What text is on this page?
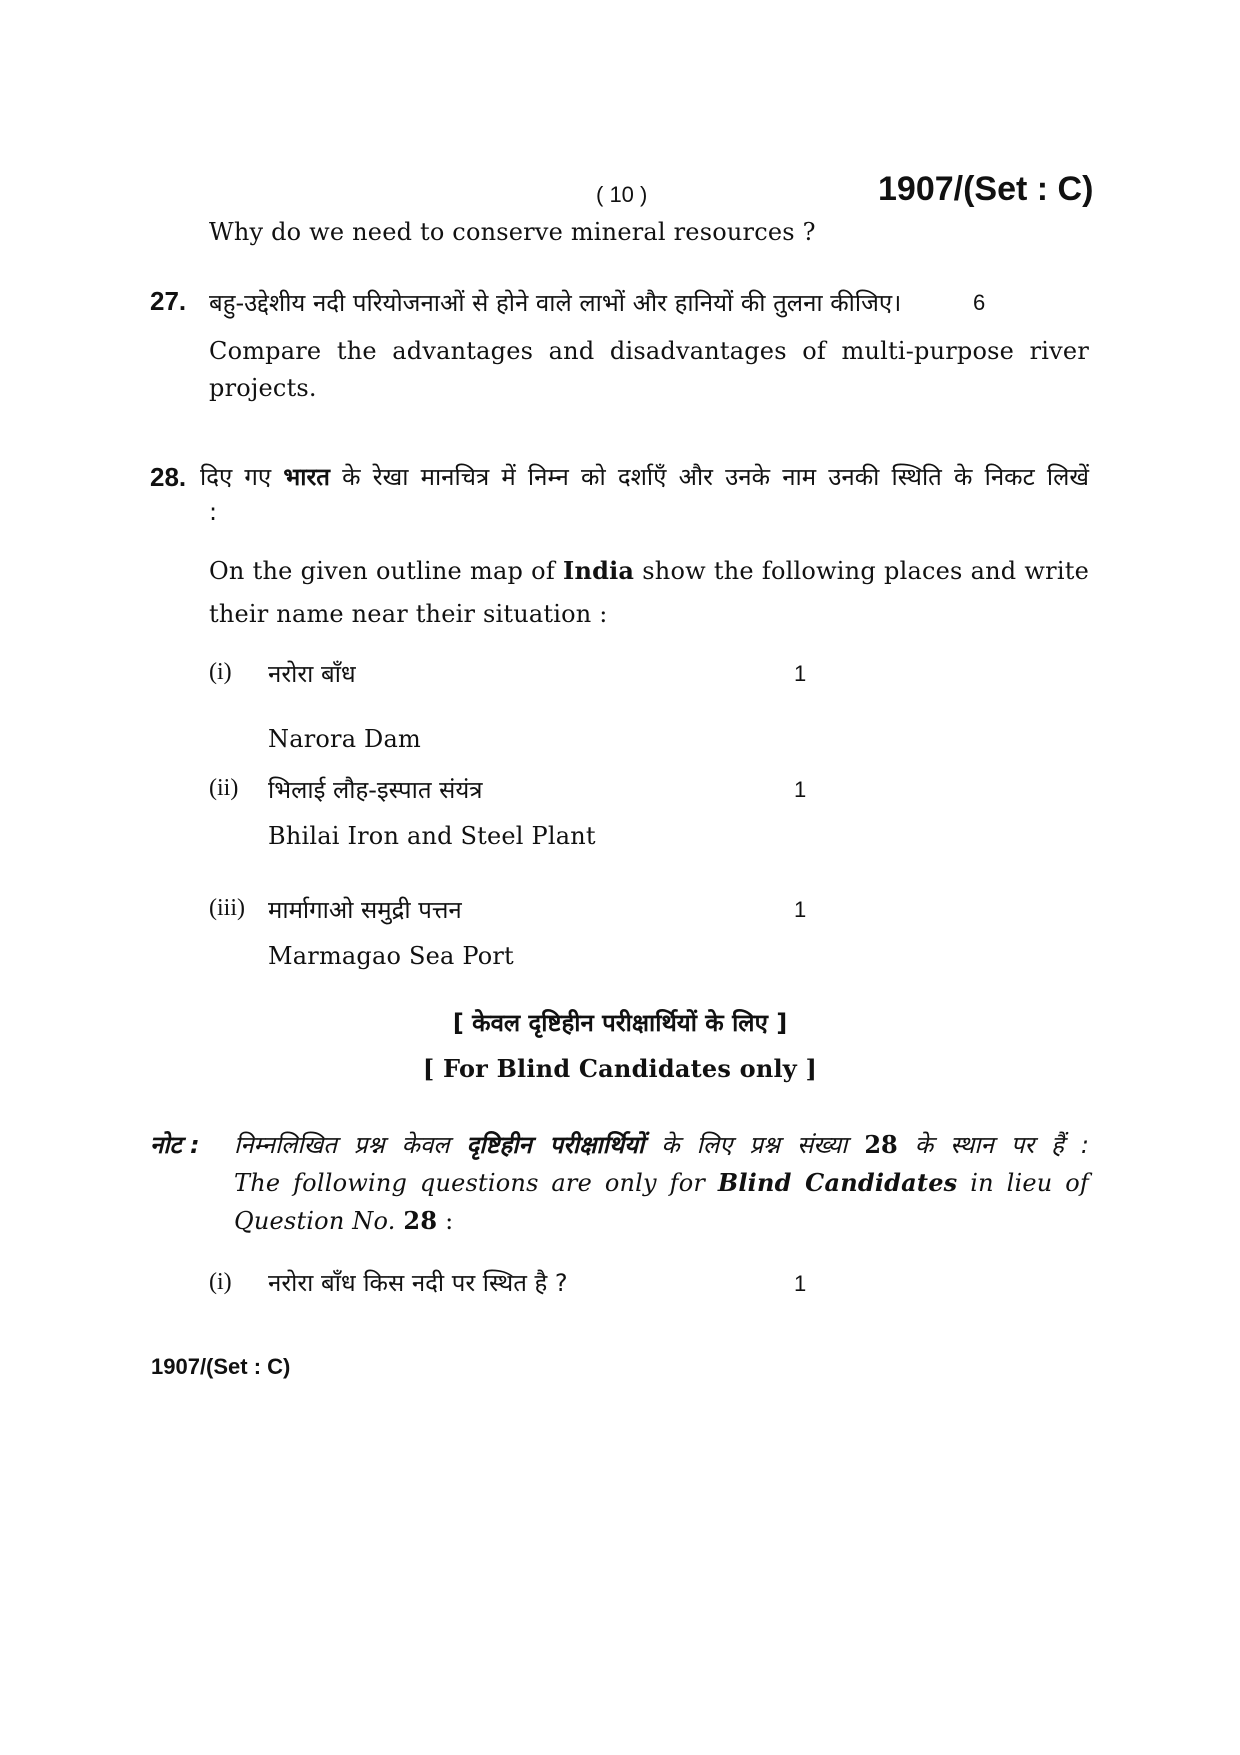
( 10 )	1907/(Set : C)
Why do we need to conserve mineral resources ?
27. बहु-उद्देशीय नदी परियोजनाओं से होने वाले लाभों और हानियों की तुलना कीजिए।	6
Compare the advantages and disadvantages of multi-purpose river
projects.
28. दिए गए भारत के रेखा मानचित्र में निम्न को दर्शाएँ और उनके नाम उनकी स्थिति के निकट लिखें
:
On the given outline map of India show the following places and write
their name near their situation :
(i) नरोरा बाँध	1
Narora Dam
(ii) भिलाई लौह-इस्पात संयंत्र	1
Bhilai Iron and Steel Plant
(iii) मार्मागाओ समुद्री पत्तन	1
Marmagao Sea Port
[ केवल दृष्टिहीन परीक्षार्थियों के लिए ]
[ For Blind Candidates only ]
नोट : निम्नलिखित प्रश्न केवल दृष्टिहीन परीक्षार्थियों के लिए प्रश्न संख्या 28 के स्थान पर हैं :
The following questions are only for Blind Candidates in lieu of
Question No. 28 :
(i) नरोरा बाँध किस नदी पर स्थित है ?	1
1907/(Set : C)
